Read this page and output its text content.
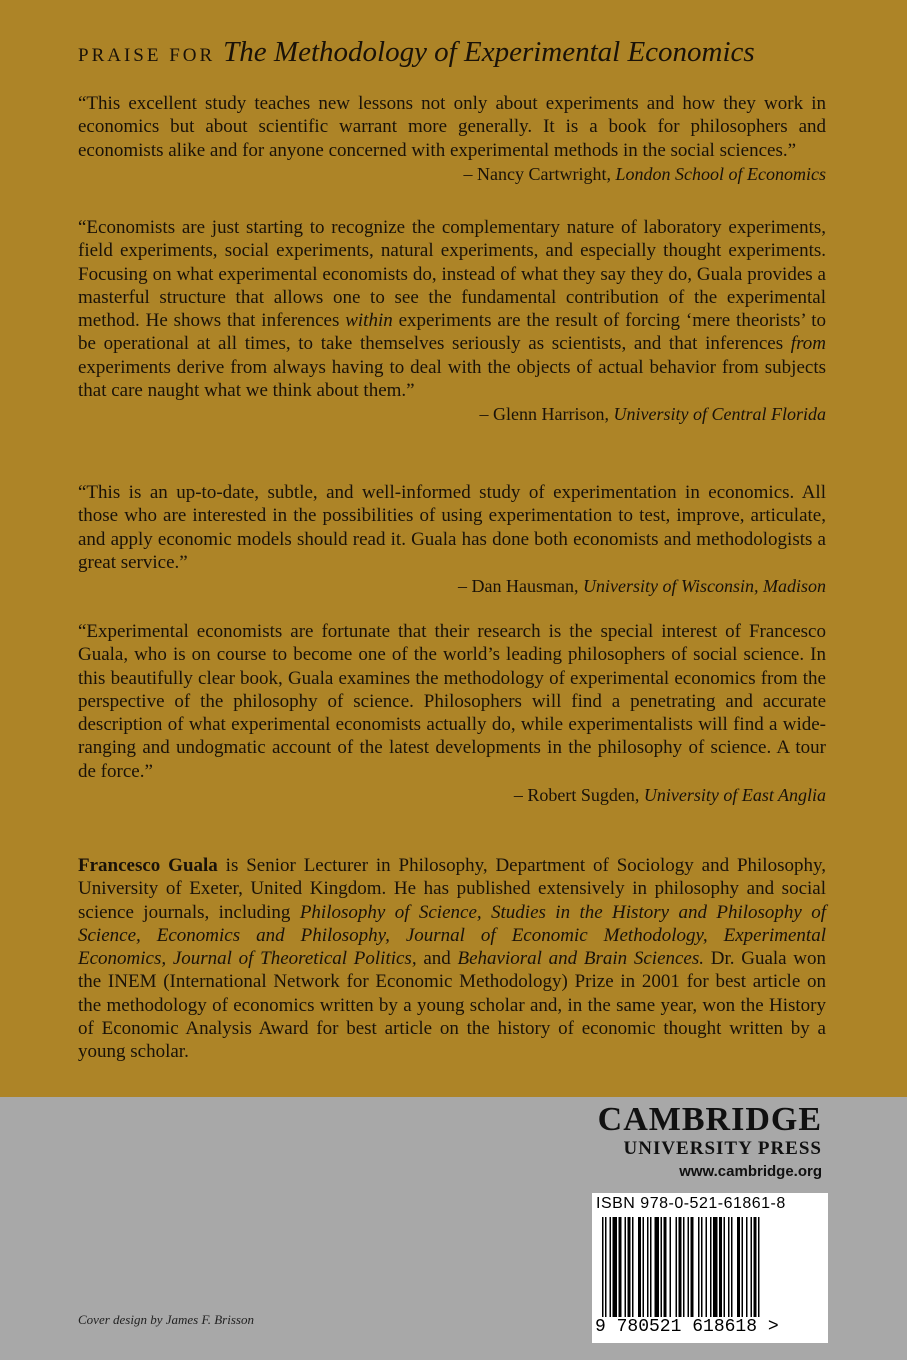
PRAISE FOR The Methodology of Experimental Economics
“This excellent study teaches new lessons not only about experiments and how they work in economics but about scientific warrant more generally. It is a book for philosophers and economists alike and for anyone concerned with experimental methods in the social sciences.”
– Nancy Cartwright, London School of Economics
“Economists are just starting to recognize the complementary nature of laboratory experiments, field experiments, social experiments, natural experiments, and especially thought experiments. Focusing on what experimental economists do, instead of what they say they do, Guala provides a masterful structure that allows one to see the fundamental contribution of the experimental method. He shows that inferences within experiments are the result of forcing ‘mere theorists’ to be operational at all times, to take themselves seriously as scientists, and that inferences from experiments derive from always having to deal with the objects of actual behavior from subjects that care naught what we think about them.”
– Glenn Harrison, University of Central Florida
“This is an up-to-date, subtle, and well-informed study of experimentation in economics. All those who are interested in the possibilities of using experimentation to test, improve, articulate, and apply economic models should read it. Guala has done both economists and methodologists a great service.”
– Dan Hausman, University of Wisconsin, Madison
“Experimental economists are fortunate that their research is the special interest of Francesco Guala, who is on course to become one of the world’s leading philosophers of social science. In this beautifully clear book, Guala examines the methodology of experimental economics from the perspective of the philosophy of science. Philosophers will find a penetrating and accurate description of what experimental economists actually do, while experimentalists will find a wide-ranging and undogmatic account of the latest developments in the philosophy of science. A tour de force.”
– Robert Sugden, University of East Anglia
Francesco Guala is Senior Lecturer in Philosophy, Department of Sociology and Philosophy, University of Exeter, United Kingdom. He has published extensively in philosophy and social science journals, including Philosophy of Science, Studies in the History and Philosophy of Science, Economics and Philosophy, Journal of Economic Methodology, Experimental Economics, Journal of Theoretical Politics, and Behavioral and Brain Sciences. Dr. Guala won the INEM (International Network for Economic Methodology) Prize in 2001 for best article on the methodology of economics written by a young scholar and, in the same year, won the History of Economic Analysis Award for best article on the history of economic thought written by a young scholar.
CAMBRIDGE
UNIVERSITY PRESS
www.cambridge.org
ISBN 978-0-521-61861-8
9 780521 618618 >
Cover design by James F. Brisson
